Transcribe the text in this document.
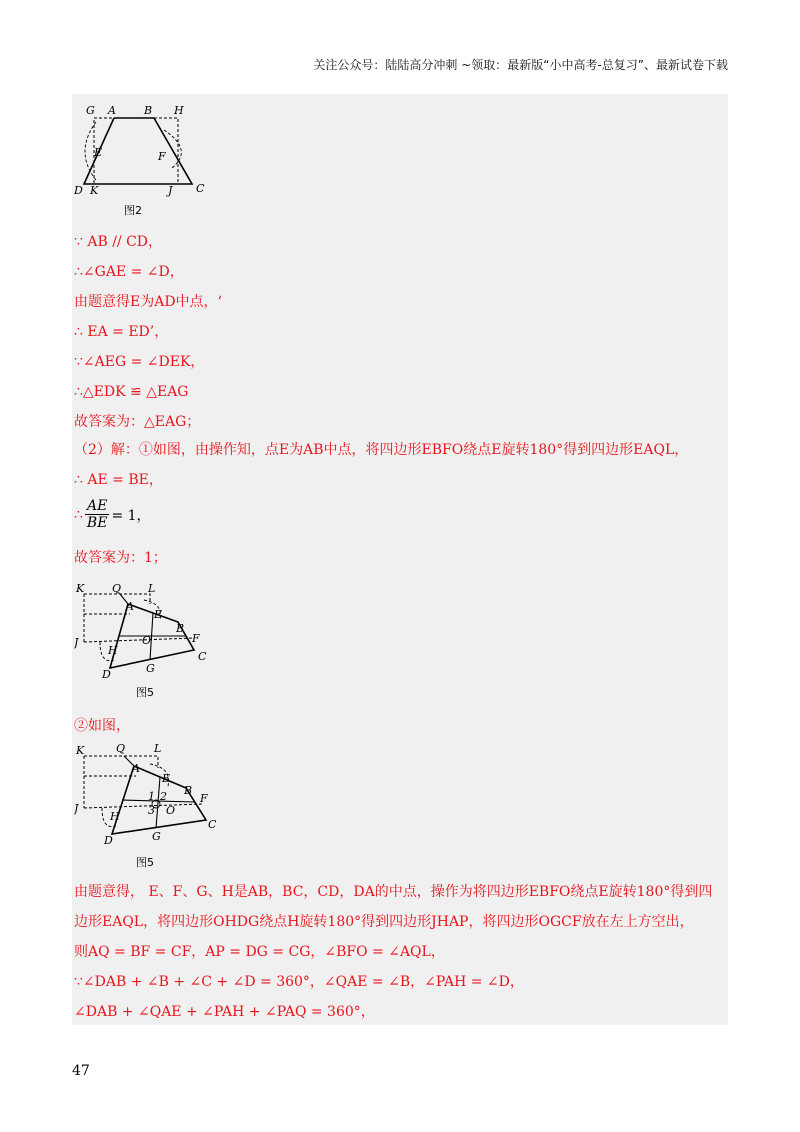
关注公众号：陆陆高分冲刺 ~领取：最新版“小中高考-总复习”、最新试卷下载
G A	B H
E	F
D K	J C
图2
∵ AB // CD，
∴∠GAE = ∠D，
由题意得E为AD中点，‘
∴ EA = ED’，
∵∠AEG = ∠DEK，
∴△EDK ≌ △EAG
故答案为：△EAG；
（2）解：①如图，由操作知，点E为AB中点，将四边形EBFO绕点E旋转180°得到四边形EAQL，
∴ AE = BE，
∴ $\frac{AE}{BE} = 1$，
故答案为：1；
K	Q L
A
E
B
O	F
J
H	C
D	G
图5
②如图，
K	Q	L
A
E
B
1 2
3 O
F
J
H
C
D	G
图5
由题意得， E、F、G、H是AB，BC，CD，DA的中点，操作为将四边形EBFO绕点E旋转180°得到四
边形EAQL，将四边形OHDG绕点H旋转180°得到四边形JHAP，将四边形OGCF放在左上方空出，
则AQ = BF = CF，AP = DG = CG，∠BFO = ∠AQL，
∵∠DAB + ∠B + ∠C + ∠D = 360°，∠QAE = ∠B，∠PAH = ∠D，
∠DAB + ∠QAE + ∠PAH + ∠PAQ = 360°，
47
